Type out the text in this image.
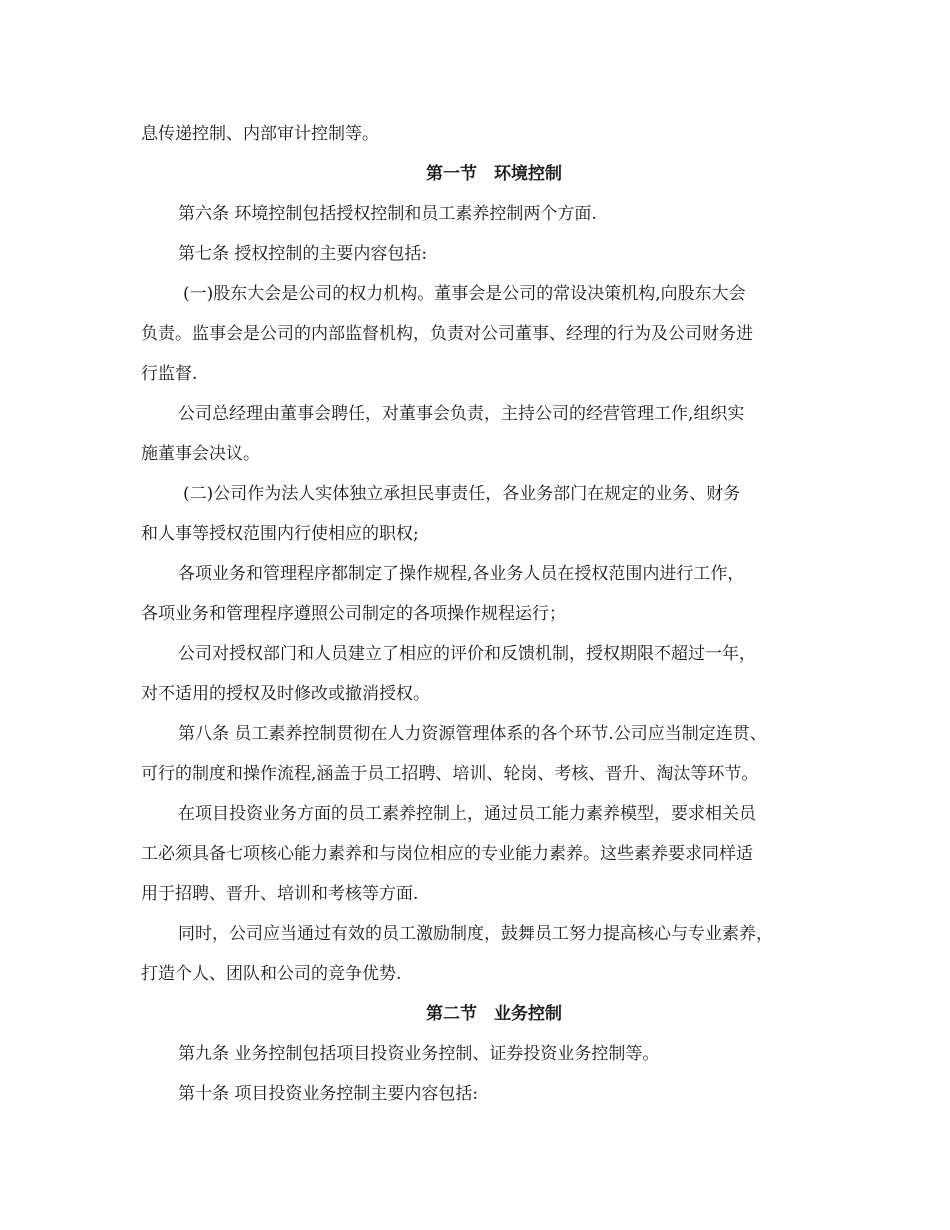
息传递控制、内部审计控制等。
第一节　环境控制
第六条 环境控制包括授权控制和员工素养控制两个方面.
第七条 授权控制的主要内容包括:
(一)股东大会是公司的权力机构。董事会是公司的常设决策机构,向股东大会
负责。监事会是公司的内部监督机构，负责对公司董事、经理的行为及公司财务进
行监督.
公司总经理由董事会聘任，对董事会负责，主持公司的经营管理工作,组织实
施董事会决议。
(二)公司作为法人实体独立承担民事责任，各业务部门在规定的业务、财务
和人事等授权范围内行使相应的职权;
各项业务和管理程序都制定了操作规程,各业务人员在授权范围内进行工作，
各项业务和管理程序遵照公司制定的各项操作规程运行；
公司对授权部门和人员建立了相应的评价和反馈机制，授权期限不超过一年，
对不适用的授权及时修改或撤消授权。
第八条 员工素养控制贯彻在人力资源管理体系的各个环节.公司应当制定连贯、
可行的制度和操作流程,涵盖于员工招聘、培训、轮岗、考核、晋升、淘汰等环节。
在项目投资业务方面的员工素养控制上，通过员工能力素养模型，要求相关员
工必须具备七项核心能力素养和与岗位相应的专业能力素养。这些素养要求同样适
用于招聘、晋升、培训和考核等方面.
同时，公司应当通过有效的员工激励制度，鼓舞员工努力提高核心与专业素养，
打造个人、团队和公司的竞争优势.
第二节　业务控制
第九条 业务控制包括项目投资业务控制、证券投资业务控制等。
第十条 项目投资业务控制主要内容包括:
